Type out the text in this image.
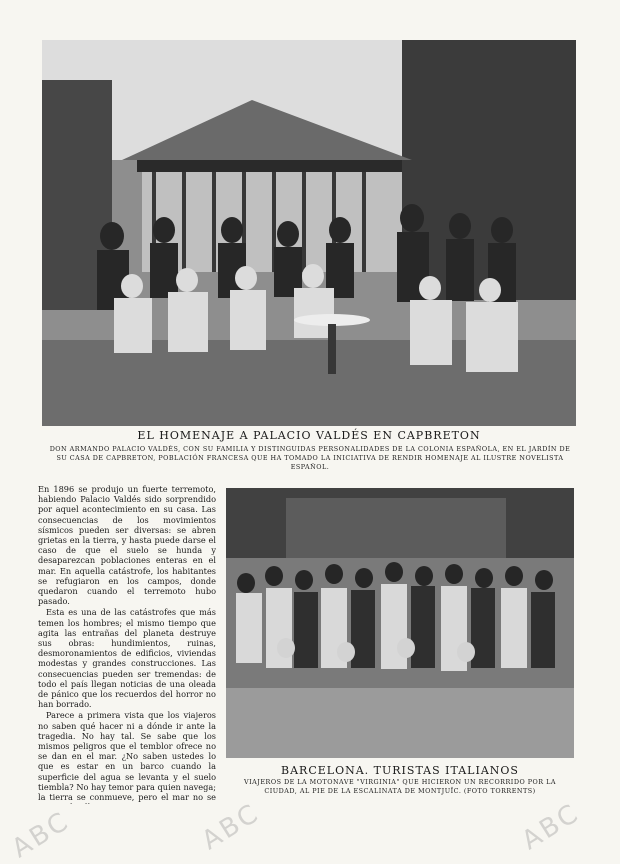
EL HOMENAJE A PALACIO VALDÉS EN CAPBRETON
DON ARMANDO PALACIO VALDÉS, CON SU FAMILIA Y DISTINGUIDAS PERSONALIDADES DE LA COLONIA ESPAÑOLA, EN EL JARDÍN DE SU CASA DE CAPBRETON, POBLACIÓN FRANCESA QUE HA TOMADO LA INICIATIVA DE RENDIR HOMENAJE AL ILUSTRE NOVELISTA ESPAÑOL.

En 1896 se produjo un fuerte terremoto, habiendo Palacio Valdés sido sorprendido por aquel acontecimiento en su casa. Las consecuencias de los movimientos sísmicos pueden ser diversas: se abren grietas en la tierra, y hasta puede darse el caso de que el suelo se hunda y desaparezcan poblaciones enteras en el mar. En aquella catástrofe, los habitantes se refugiaron en los campos, donde quedaron cuando el terremoto hubo pasado.

Esta es una de las catástrofes que más temen los hombres; el mismo tiempo que agita las entrañas del planeta destruye sus obras: hundimientos, ruinas, desmoronamientos de edificios, viviendas modestas y grandes construcciones. Las consecuencias pueden ser tremendas: de todo el país llegan noticias de una oleada de pánico que los recuerdos del horror no han borrado.

Parece a primera vista que los viajeros no saben qué hacer ni a dónde ir ante la tragedia. No hay tal. Se sabe que los mismos peligros que el temblor ofrece no se dan en el mar. ¿No saben ustedes lo que es estar en un barco cuando la superficie del agua se levanta y el suelo tiembla? No hay temor para quien navega; la tierra se conmueve, pero el mar no se

BARCELONA. TURISTAS ITALIANOS
VIAJEROS DE LA MOTONAVE "VIRGINIA" QUE HICIERON UN RECORRIDO POR LA CIUDAD, AL PIE DE LA ESCALINATA DE MONTJUÏC. (FOTO TORRENTS)
ABC	ABC
ABC
